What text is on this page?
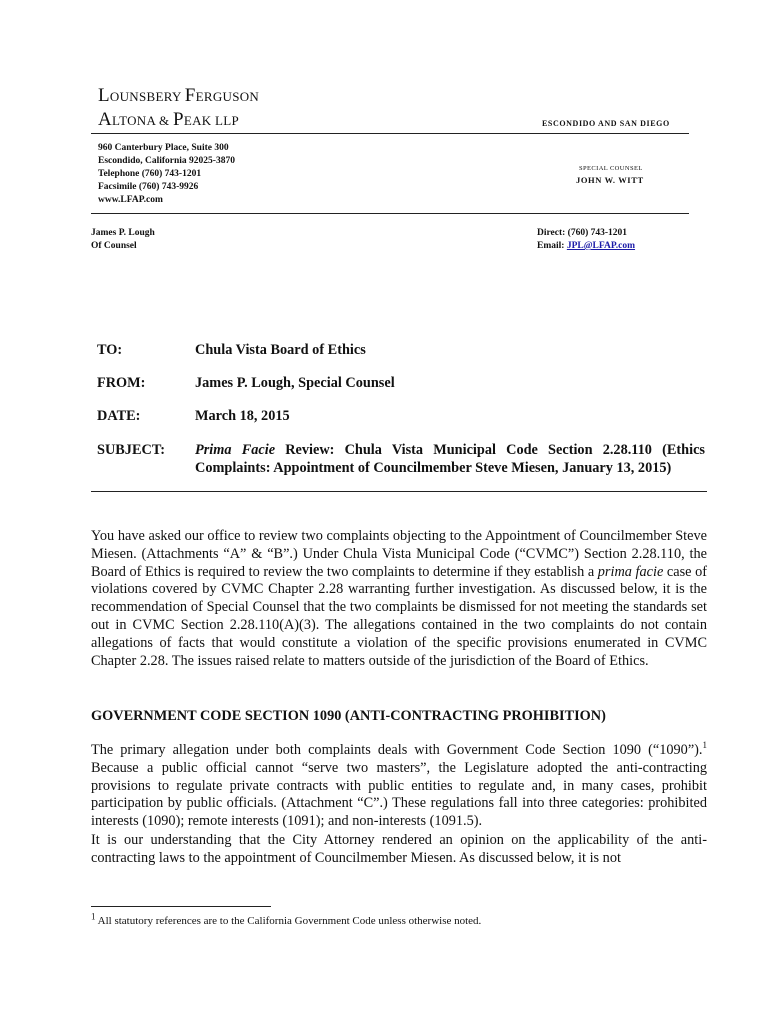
LOUNSBERY FERGUSON
ALTONA & PEAK LLP	ESCONDIDO AND SAN DIEGO
960 Canterbury Place, Suite 300
Escondido, California 92025-3870
Telephone (760) 743-1201
Facsimile (760) 743-9926
www.LFAP.com
SPECIAL COUNSEL
JOHN W. WITT
James P. Lough
Of Counsel
Direct: (760) 743-1201
Email: JPL@LFAP.com
TO:	Chula Vista Board of Ethics
FROM:	James P. Lough, Special Counsel
DATE:	March 18, 2015
SUBJECT: Prima Facie Review: Chula Vista Municipal Code Section 2.28.110 (Ethics Complaints: Appointment of Councilmember Steve Miesen, January 13, 2015)
You have asked our office to review two complaints objecting to the Appointment of Councilmember Steve Miesen. (Attachments “A” & “B”.) Under Chula Vista Municipal Code (“CVMC”) Section 2.28.110, the Board of Ethics is required to review the two complaints to determine if they establish a prima facie case of violations covered by CVMC Chapter 2.28 warranting further investigation. As discussed below, it is the recommendation of Special Counsel that the two complaints be dismissed for not meeting the standards set out in CVMC Section 2.28.110(A)(3). The allegations contained in the two complaints do not contain allegations of facts that would constitute a violation of the specific provisions enumerated in CVMC Chapter 2.28. The issues raised relate to matters outside of the jurisdiction of the Board of Ethics.
GOVERNMENT CODE SECTION 1090 (ANTI-CONTRACTING PROHIBITION)
The primary allegation under both complaints deals with Government Code Section 1090 (“1090”).$^1$ Because a public official cannot “serve two masters”, the Legislature adopted the anti-contracting provisions to regulate private contracts with public entities to regulate and, in many cases, prohibit participation by public officials. (Attachment “C”.) These regulations fall into three categories: prohibited interests (1090); remote interests (1091); and non-interests (1091.5).
It is our understanding that the City Attorney rendered an opinion on the applicability of the anti-contracting laws to the appointment of Councilmember Miesen. As discussed below, it is not
$^1$ All statutory references are to the California Government Code unless otherwise noted.
